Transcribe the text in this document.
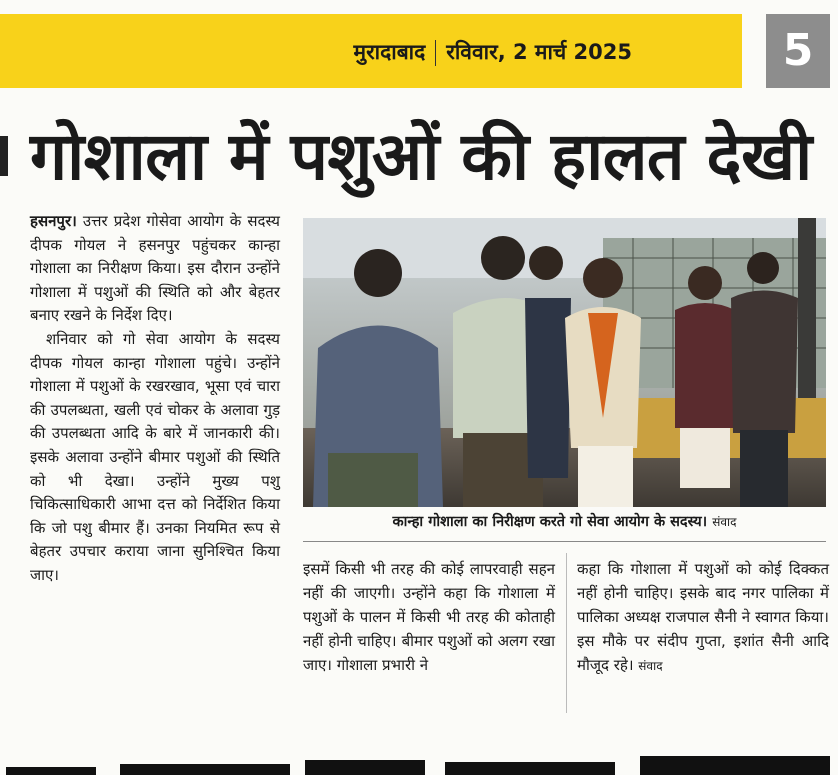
मुरादाबाद रविवार, 2 मार्च 2025	5
गोशाला में पशुओं की हालत देखी

हसनपुर। उत्तर प्रदेश गोसेवा आयोग के सदस्य दीपक गोयल ने हसनपुर पहुंचकर कान्हा गोशाला का निरीक्षण किया। इस दौरान उन्होंने गोशाला में पशुओं की स्थिति को और बेहतर बनाए रखने के निर्देश दिए।

शनिवार को गो सेवा आयोग के सदस्य दीपक गोयल कान्हा गोशाला पहुंचे। उन्होंने गोशाला में पशुओं के रखरखाव, भूसा एवं चारा की उपलब्धता, खली एवं चोकर के अलावा गुड़ की उपलब्धता आदि के बारे में जानकारी की। इसके अलावा उन्होंने बीमार पशुओं की स्थिति को भी देखा। उन्होंने मुख्य पशु चिकित्साधिकारी आभा दत्त को निर्देशित किया कि जो पशु बीमार हैं। उनका नियमित रूप से बेहतर उपचार कराया जाना सुनिश्चित किया जाए।

कान्हा गोशाला का निरीक्षण करते गो सेवा आयोग के सदस्य। संवाद

इसमें किसी भी तरह की कोई लापरवाही सहन नहीं की जाएगी। उन्होंने कहा कि गोशाला में पशुओं के पालन में किसी भी तरह की कोताही नहीं होनी चाहिए। बीमार पशुओं को अलग रखा जाए। गोशाला प्रभारी ने

कहा कि गोशाला में पशुओं को कोई दिक्कत नहीं होनी चाहिए। इसके बाद नगर पालिका में पालिका अध्यक्ष राजपाल सैनी ने स्वागत किया। इस मौके पर संदीप गुप्ता, इशांत सैनी आदि मौजूद रहे। संवाद
